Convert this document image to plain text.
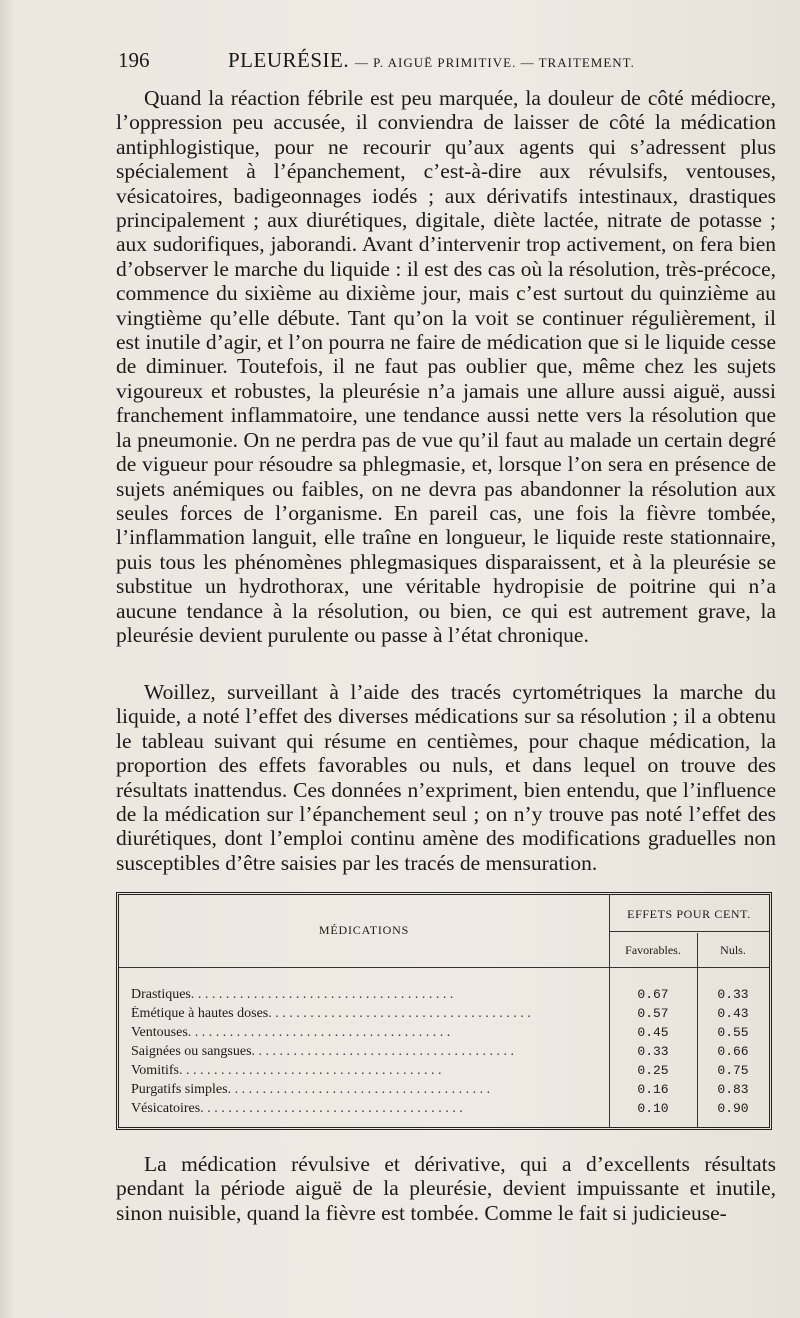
196	PLEURÉSIE. — P. AIGUË PRIMITIVE. — TRAITEMENT.

Quand la réaction fébrile est peu marquée, la douleur de côté médiocre, l’oppression peu accusée, il conviendra de laisser de côté la médication antiphlogistique, pour ne recourir qu’aux agents qui s’adressent plus spécialement à l’épanchement, c’est-à-dire aux révulsifs, ventouses, vésicatoires, badigeonnages iodés ; aux dérivatifs intestinaux, drastiques principalement ; aux diurétiques, digitale, diète lactée, nitrate de potasse ; aux sudorifiques, jaborandi. Avant d’intervenir trop activement, on fera bien d’observer le marche du liquide : il est des cas où la résolution, très-précoce, commence du sixième au dixième jour, mais c’est surtout du quinzième au vingtième qu’elle débute. Tant qu’on la voit se continuer régulièrement, il est inutile d’agir, et l’on pourra ne faire de médication que si le liquide cesse de diminuer. Toutefois, il ne faut pas oublier que, même chez les sujets vigoureux et robustes, la pleurésie n’a jamais une allure aussi aiguë, aussi franchement inflammatoire, une tendance aussi nette vers la résolution que la pneumonie. On ne perdra pas de vue qu’il faut au malade un certain degré de vigueur pour résoudre sa phlegmasie, et, lorsque l’on sera en présence de sujets anémiques ou faibles, on ne devra pas abandonner la résolution aux seules forces de l’organisme. En pareil cas, une fois la fièvre tombée, l’inflammation languit, elle traîne en longueur, le liquide reste stationnaire, puis tous les phénomènes phlegmasiques disparaissent, et à la pleurésie se substitue un hydrothorax, une véritable hydropisie de poitrine qui n’a aucune tendance à la résolution, ou bien, ce qui est autrement grave, la pleurésie devient purulente ou passe à l’état chronique.

Woillez, surveillant à l’aide des tracés cyrtométriques la marche du liquide, a noté l’effet des diverses médications sur sa résolution ; il a obtenu le tableau suivant qui résume en centièmes, pour chaque médication, la proportion des effets favorables ou nuls, et dans lequel on trouve des résultats inattendus. Ces données n’expriment, bien entendu, que l’influence de la médication sur l’épanchement seul ; on n’y trouve pas noté l’effet des diurétiques, dont l’emploi continu amène des modifications graduelles non susceptibles d’être saisies par les tracés de mensuration.

MÉDICATIONS
EFFETS POUR CENT.
Favorables.	Nuls.
Drastiques. . . . . . . . . . . . . . . . . . . . . . . . . . . . . . . . . . . . . .	0.67	0.33
Émétique à hautes doses. . . . . . . . . . . . . . . . . . . . . . . . . . . . . . . . . . . . . .	0.57	0.43
Ventouses. . . . . . . . . . . . . . . . . . . . . . . . . . . . . . . . . . . . . .	0.45	0.55
Saignées ou sangsues. . . . . . . . . . . . . . . . . . . . . . . . . . . . . . . . . . . . . .	0.33	0.66
Vomitifs. . . . . . . . . . . . . . . . . . . . . . . . . . . . . . . . . . . . . .	0.25	0.75
Purgatifs simples. . . . . . . . . . . . . . . . . . . . . . . . . . . . . . . . . . . . . .	0.16	0.83
Vésicatoires. . . . . . . . . . . . . . . . . . . . . . . . . . . . . . . . . . . . . .	0.10	0.90

La médication révulsive et dérivative, qui a d’excellents résultats pendant la période aiguë de la pleurésie, devient impuissante et inutile, sinon nuisible, quand la fièvre est tombée. Comme le fait si judicieuse-
